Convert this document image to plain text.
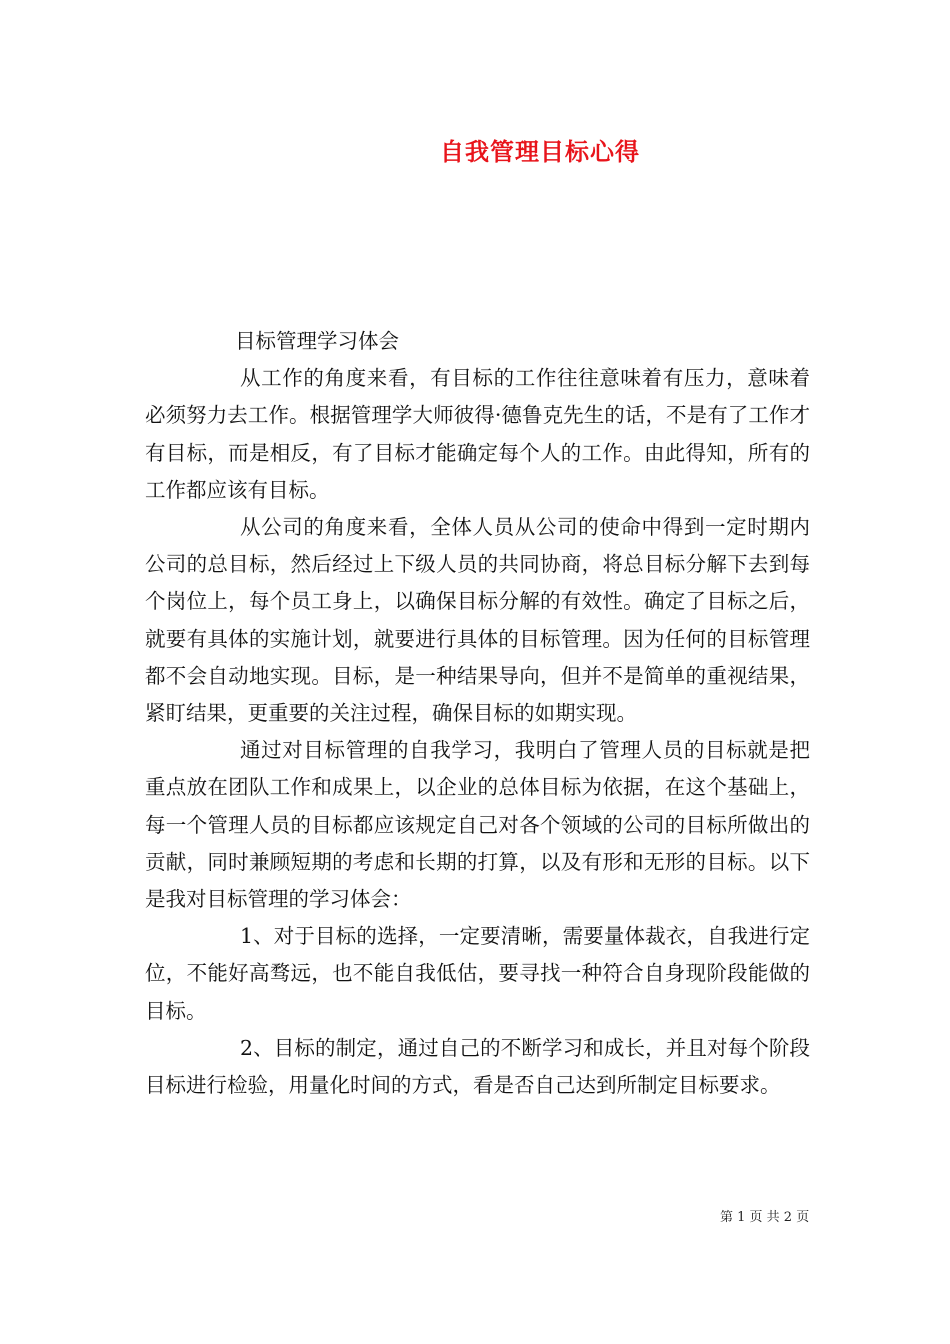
自我管理目标心得

目标管理学习体会

从工作的角度来看，有目标的工作往往意味着有压力，意味着必须努力去工作。根据管理学大师彼得·德鲁克先生的话，不是有了工作才有目标，而是相反，有了目标才能确定每个人的工作。由此得知，所有的工作都应该有目标。

从公司的角度来看，全体人员从公司的使命中得到一定时期内公司的总目标，然后经过上下级人员的共同协商，将总目标分解下去到每个岗位上，每个员工身上，以确保目标分解的有效性。确定了目标之后，就要有具体的实施计划，就要进行具体的目标管理。因为任何的目标管理都不会自动地实现。目标，是一种结果导向，但并不是简单的重视结果，紧盯结果，更重要的关注过程，确保目标的如期实现。

通过对目标管理的自我学习，我明白了管理人员的目标就是把重点放在团队工作和成果上，以企业的总体目标为依据，在这个基础上，每一个管理人员的目标都应该规定自己对各个领域的公司的目标所做出的贡献，同时兼顾短期的考虑和长期的打算，以及有形和无形的目标。以下是我对目标管理的学习体会：

1、对于目标的选择，一定要清晰，需要量体裁衣，自我进行定位，不能好高骛远，也不能自我低估，要寻找一种符合自身现阶段能做的目标。

2、目标的制定，通过自己的不断学习和成长，并且对每个阶段目标进行检验，用量化时间的方式，看是否自己达到所制定目标要求。

第 1 页 共 2 页
